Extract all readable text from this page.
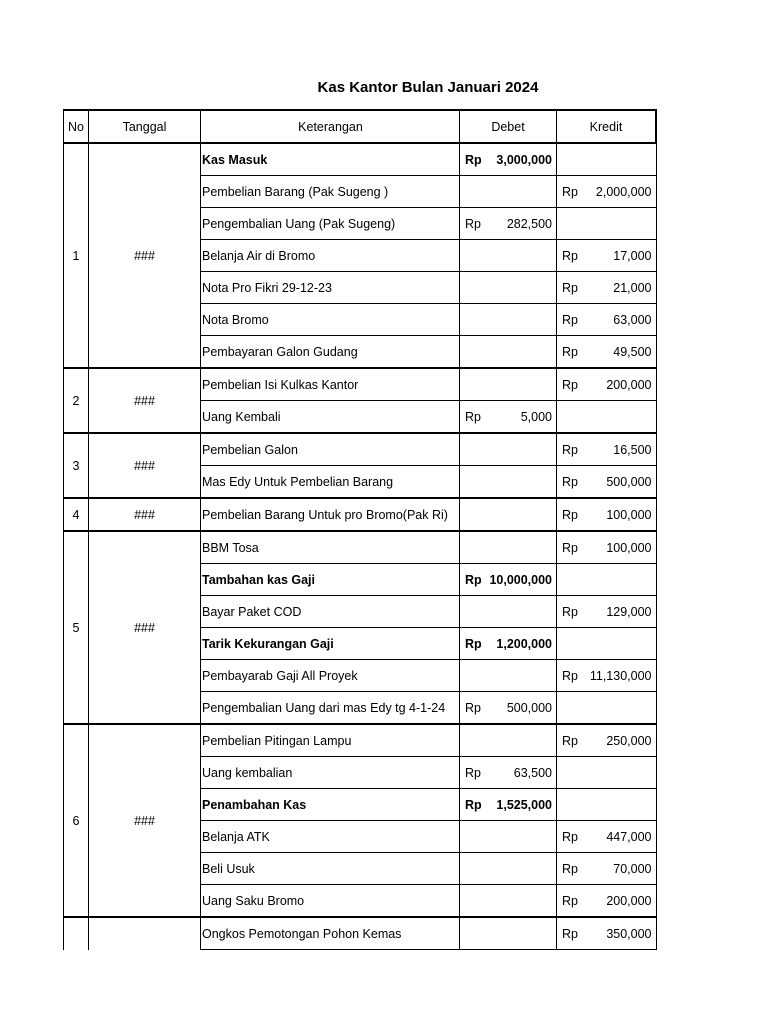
Kas Kantor Bulan Januari 2024
No	Tanggal	Keterangan	Debet	Kredit
1	###	Kas Masuk	Rp 3,000,000	

		Pembelian Barang (Pak Sugeng )		Rp 2,000,000

		Pengembalian Uang (Pak Sugeng)	Rp 282,500	

		Belanja Air di Bromo		Rp 17,000

		Nota Pro Fikri 29-12-23		Rp 21,000

		Nota Bromo		Rp 63,000

		Pembayaran Galon Gudang		Rp 49,500

2	###	Pembelian Isi Kulkas Kantor		Rp 200,000

		Uang Kembali	Rp 5,000	

3	###	Pembelian Galon		Rp 16,500

		Mas Edy Untuk Pembelian Barang		Rp 500,000

4	###	Pembelian Barang Untuk pro Bromo(Pak Ri)		Rp 100,000

5	###	BBM Tosa		Rp 100,000

		Tambahan kas Gaji	Rp 10,000,000	

		Bayar Paket COD		Rp 129,000

		Tarik Kekurangan Gaji	Rp 1,200,000	

		Pembayarab Gaji All Proyek		Rp 11,130,000

		Pengembalian Uang dari mas Edy tg 4-1-24	Rp 500,000	

6	###	Pembelian Pitingan Lampu		Rp 250,000

		Uang kembalian	Rp 63,500	

		Penambahan Kas	Rp 1,525,000	

		Belanja ATK		Rp 447,000

		Beli Usuk		Rp 70,000

		Uang Saku Bromo		Rp 200,000

		Ongkos Pemotongan Pohon Kemas		Rp 350,000
